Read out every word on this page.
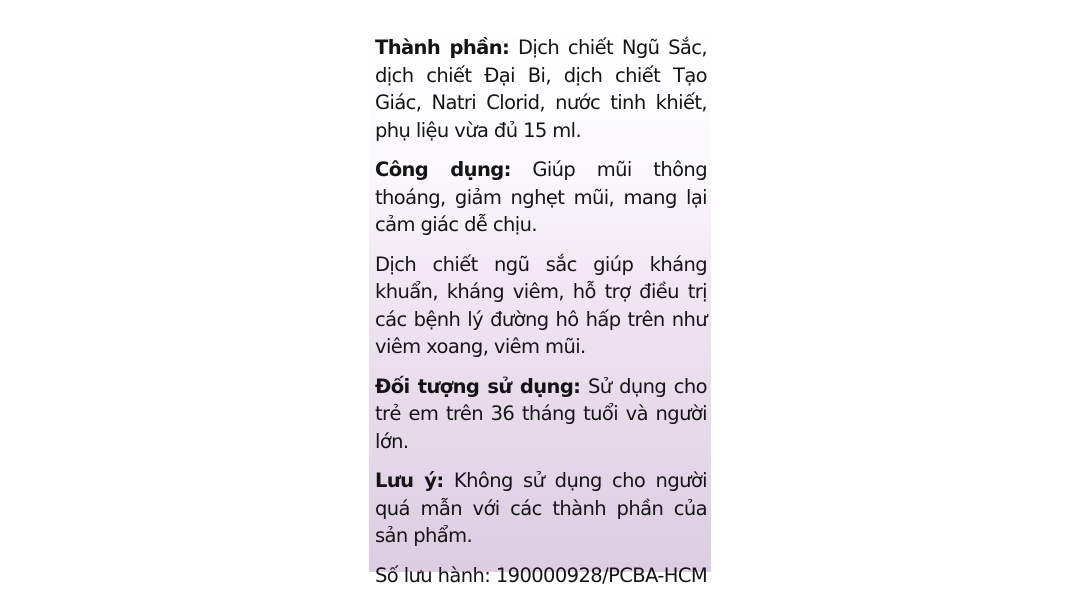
Thành phần: Dịch chiết Ngũ Sắc, dịch chiết Đại Bi, dịch chiết Tạo Giác, Natri Clorid, nước tinh khiết, phụ liệu vừa đủ 15 ml.

Công dụng: Giúp mũi thông thoáng, giảm nghẹt mũi, mang lại cảm giác dễ chịu.

Dịch chiết ngũ sắc giúp kháng khuẩn, kháng viêm, hỗ trợ điều trị các bệnh lý đường hô hấp trên như viêm xoang, viêm mũi.

Đối tượng sử dụng: Sử dụng cho trẻ em trên 36 tháng tuổi và người lớn.

Lưu ý: Không sử dụng cho người quá mẫn với các thành phần của sản phẩm.

Số lưu hành: 190000928/PCBA-HCM
